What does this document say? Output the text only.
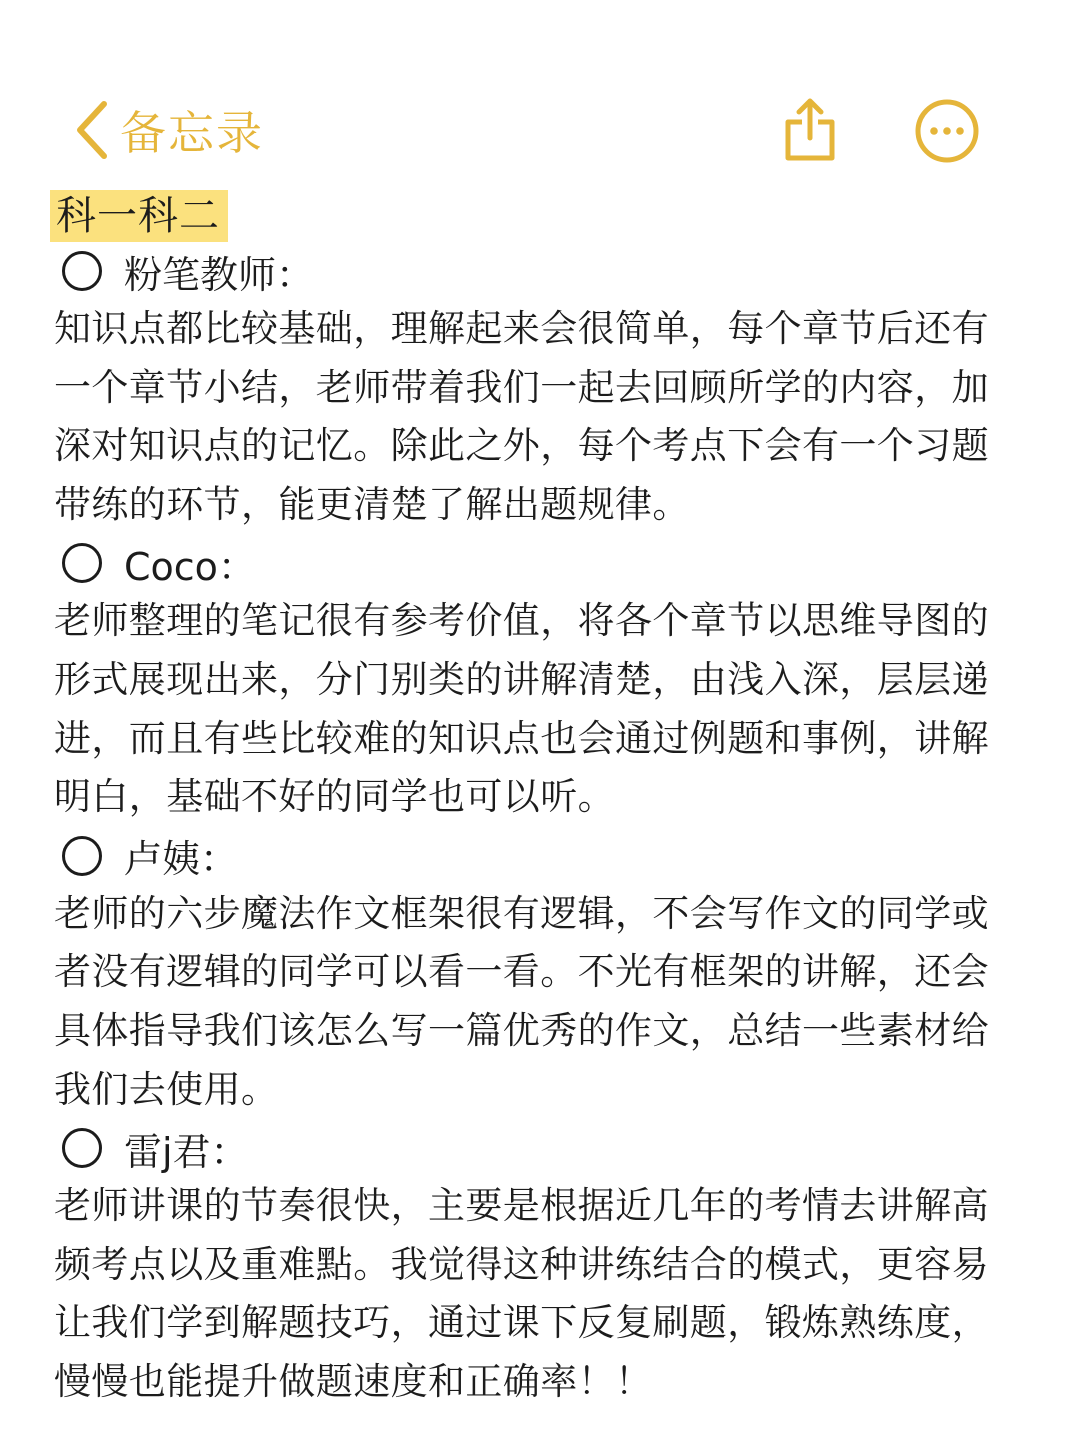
备忘录
科一科二
粉笔教师：

知识点都比较基础，理解起来会很简单，每个章节后还有一个章节小结，老师带着我们一起去回顾所学的内容，加深对知识点的记忆。除此之外，每个考点下会有一个习题带练的环节，能更清楚了解出题规律。

Coco：

老师整理的笔记很有参考价值，将各个章节以思维导图的形式展现出来，分门别类的讲解清楚，由浅入深，层层递进，而且有些比较难的知识点也会通过例题和事例，讲解明白，基础不好的同学也可以听。

卢姨：

老师的六步魔法作文框架很有逻辑，不会写作文的同学或者没有逻辑的同学可以看一看。不光有框架的讲解，还会具体指导我们该怎么写一篇优秀的作文，总结一些素材给我们去使用。

雷j君：

老师讲课的节奏很快，主要是根据近几年的考情去讲解高频考点以及重难點。我觉得这种讲练结合的模式，更容易让我们学到解题技巧，通过课下反复刷题，锻炼熟练度，慢慢也能提升做题速度和正确率！！
